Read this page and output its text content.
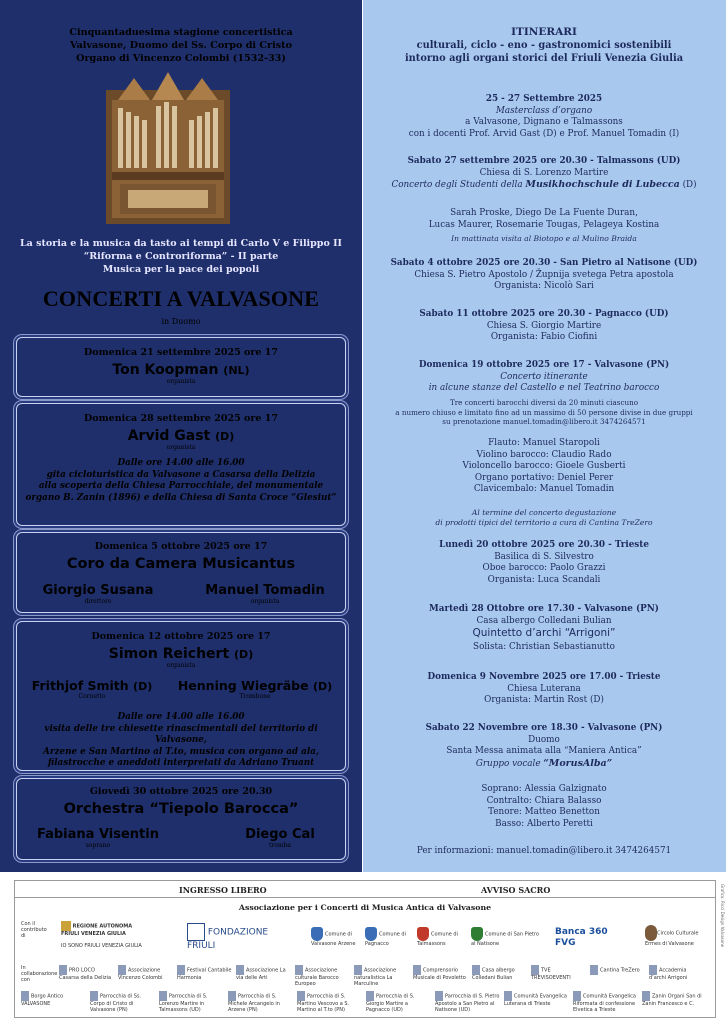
Cinquantaduesima stagione concertistica
Valvasone, Duomo del Ss. Corpo di Cristo
Organo di Vincenzo Colombi (1532-33)
La storia e la musica da tasto ai tempi di Carlo V e Filippo II
“Riforma e Controriforma” - II parte
Musica per la pace dei popoli
CONCERTI A VALVASONE
in Duomo
Domenica 21 settembre 2025 ore 17
Ton Koopman (NL)
organista
Domenica 28 settembre 2025 ore 17
Arvid Gast (D)
organista
Dalle ore 14.00 alle 16.00
gita cicloturistica da Valvasone a Casarsa della Delizia
alla scoperta della Chiesa Parrocchiale, del monumentale
organo B. Zanin (1896) e della Chiesa di Santa Croce “Glesiut”
Domenica 5 ottobre 2025 ore 17
Coro da Camera Musicantus
Giorgio Susana
direttore
Manuel Tomadin
organista
Domenica 12 ottobre 2025 ore 17
Simon Reichert (D)
organista
Frithjof Smith (D)
Cornetto
Henning Wiegräbe (D)
Trombone
Dalle ore 14.00 alle 16.00
visita delle tre chiesette rinascimentali del territorio di Valvasone,
Arzene e San Martino al T.to, musica con organo ad ala,
filastrocche e aneddoti interpretati da Adriano Truant
Giovedì 30 ottobre 2025 ore 20.30
Orchestra “Tiepolo Barocca”
Fabiana Visentin
soprano
Diego Cal
tromba
ITINERARI
culturali, ciclo - eno - gastronomici sostenibili
intorno agli organi storici del Friuli Venezia Giulia
25 - 27 Settembre 2025
Masterclass d’organo
a Valvasone, Dignano e Talmassons
con i docenti Prof. Arvid Gast (D) e Prof. Manuel Tomadin (I)
Sabato 27 settembre 2025 ore 20.30 - Talmassons (UD)
Chiesa di S. Lorenzo Martire
Concerto degli Studenti della Musikhochschule di Lubecca (D)
Sarah Proske, Diego De La Fuente Duran,
Lucas Maurer, Rosemarie Tougas, Pelageya Kostina
In mattinata visita al Biotopo e al Mulino Braida
Sabato 4 ottobre 2025 ore 20.30 - San Pietro al Natisone (UD)
Chiesa S. Pietro Apostolo / Župnija svetega Petra apostola
Organista: Nicolò Sari
Sabato 11 ottobre 2025 ore 20.30 - Pagnacco (UD)
Chiesa S. Giorgio Martire
Organista: Fabio Ciofini
Domenica 19 ottobre 2025 ore 17 - Valvasone (PN)
Concerto itinerante
in alcune stanze del Castello e nel Teatrino barocco
Tre concerti barocchi diversi da 20 minuti ciascuno
a numero chiuso e limitato fino ad un massimo di 50 persone divise in due gruppi
su prenotazione manuel.tomadin@libero.it 3474264571
Flauto: Manuel Staropoli
Violino barocco: Claudio Rado
Violoncello barocco: Gioele Gusberti
Organo portativo: Deniel Perer
Clavicembalo: Manuel Tomadin
Al termine del concerto degustazione
di prodotti tipici del territorio a cura di Cantina TreZero
Lunedì 20 ottobre 2025 ore 20.30 - Trieste
Basilica di S. Silvestro
Oboe barocco: Paolo Grazzi
Organista: Luca Scandali
Martedì 28 Ottobre ore 17.30 - Valvasone (PN)
Casa albergo Colledani Bulian
Quintetto d’archi “Arrigoni”
Solista: Christian Sebastianutto
Domenica 9 Novembre 2025 ore 17.00 - Trieste
Chiesa Luterana
Organista: Martin Rost (D)
Sabato 22 Novembre ore 18.30 - Valvasone (PN)
Duomo
Santa Messa animata alla “Maniera Antica”
Gruppo vocale “MorusAlba”
Soprano: Alessia Galzignato
Contralto: Chiara Balasso
Tenore: Matteo Benetton
Basso: Alberto Peretti
Per informazioni: manuel.tomadin@libero.it 3474264571
INGRESSO LIBERO	AVVISO SACRO
Associazione per i Concerti di Musica Antica di Valvasone
Con il contributo di
REGIONE AUTONOMA FRIULI VENEZIA GIULIA
IO SONO FRIULI VENEZIA GIULIA
FONDAZIONE FRIULI
Comune di Valvasone Arzene
Comune di Pagnacco
Comune di Talmassons
Comune di San Pietro al Natisone
Banca 360 FVG
Circolo Culturale Ermes di Valvasone
In collaborazione con
PRO LOCO Casarsa della Delizia
Associazione Vincenzo Colombi
Festival Cantabile Harmonia
Associazione La via delle Arti
Associazione culturale Barocco Europeo
Associazione naturalistica La Marculine
Comprensorio Musicale di Povoletto
Casa albergo Colledani Bulian
TVE TREVISOEVENTI
Cantina TreZero	Accademia d’archi Arrigoni
Borgo Antico VALVASONE
Parrocchia di Ss. Corpo di Cristo di Valvasone (PN)
Parrocchia di S. Lorenzo Martire in Talmassons (UD)
Parrocchia di S. Michele Arcangelo in Arzene (PN)
Parrocchia di S. Martino Vescovo a S. Martino al T.to (PN)
Parrocchia di S. Giorgio Martire a Pagnacco (UD)
Parrocchia di S. Pietro Apostolo a San Pietro al Natisone (UD)
Comunità Evangelica Luterana di Trieste
Comunità Evangelica Riformata di confessione Elvetica a Trieste
Zanin Organi San di Zanin Francesco e C.
Grafica: Ricci Design Valvasone
